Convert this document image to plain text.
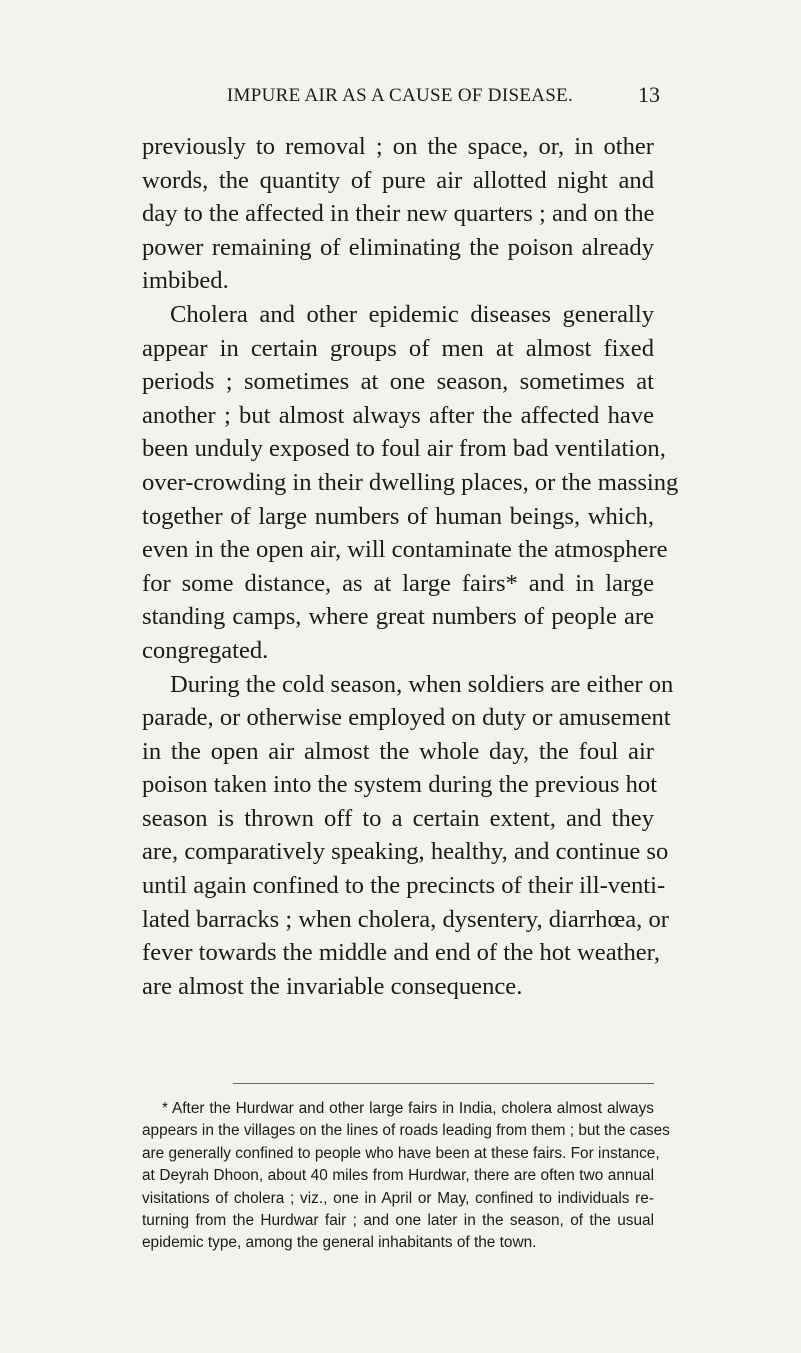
IMPURE AIR AS A CAUSE OF DISEASE.	13
previously to removal ; on the space, or, in other
words, the quantity of pure air allotted night and
day to the affected in their new quarters ; and on the
power remaining of eliminating the poison already
imbibed.
Cholera and other epidemic diseases generally
appear in certain groups of men at almost fixed
periods ; sometimes at one season, sometimes at
another ; but almost always after the affected have
been unduly exposed to foul air from bad ventilation,
over-crowding in their dwelling places, or the massing
together of large numbers of human beings, which,
even in the open air, will contaminate the atmosphere
for some distance, as at large fairs* and in large
standing camps, where great numbers of people are
congregated.
During the cold season, when soldiers are either on
parade, or otherwise employed on duty or amusement
in the open air almost the whole day, the foul air
poison taken into the system during the previous hot
season is thrown off to a certain extent, and they
are, comparatively speaking, healthy, and continue so
until again confined to the precincts of their ill-venti-
lated barracks ; when cholera, dysentery, diarrhœa, or
fever towards the middle and end of the hot weather,
are almost the invariable consequence.
* After the Hurdwar and other large fairs in India, cholera almost always
appears in the villages on the lines of roads leading from them ; but the cases
are generally confined to people who have been at these fairs. For instance,
at Deyrah Dhoon, about 40 miles from Hurdwar, there are often two annual
visitations of cholera ; viz., one in April or May, confined to individuals re-
turning from the Hurdwar fair ; and one later in the season, of the usual
epidemic type, among the general inhabitants of the town.
